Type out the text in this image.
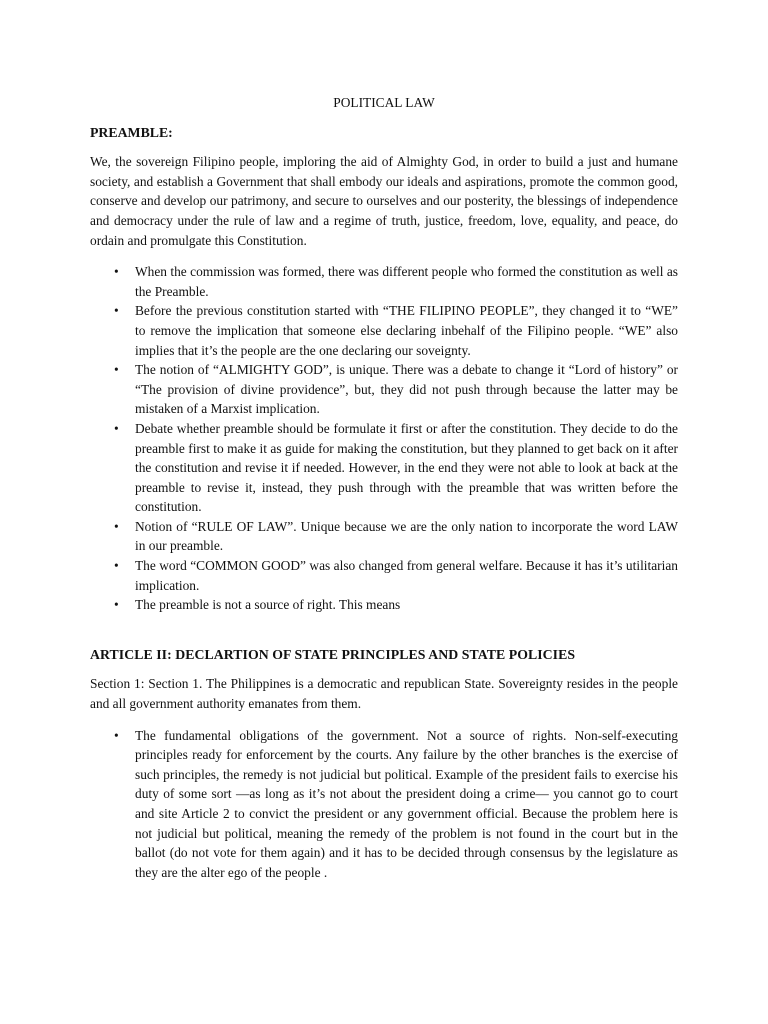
POLITICAL LAW
PREAMBLE:

We, the sovereign Filipino people, imploring the aid of Almighty God, in order to build a just and humane society, and establish a Government that shall embody our ideals and aspirations, promote the common good, conserve and develop our patrimony, and secure to ourselves and our posterity, the blessings of independence and democracy under the rule of law and a regime of truth, justice, freedom, love, equality, and peace, do ordain and promulgate this Constitution.

• When the commission was formed, there was different people who formed the constitution as well as the Preamble.
• Before the previous constitution started with “THE FILIPINO PEOPLE”, they changed it to “WE” to remove the implication that someone else declaring inbehalf of the Filipino people. “WE” also implies that it’s the people are the one declaring our soveignty.
• The notion of “ALMIGHTY GOD”, is unique. There was a debate to change it “Lord of history” or “The provision of divine providence”, but, they did not push through because the latter may be mistaken of a Marxist implication.
• Debate whether preamble should be formulate it first or after the constitution. They decide to do the preamble first to make it as guide for making the constitution, but they planned to get back on it after the constitution and revise it if needed. However, in the end they were not able to look at back at the preamble to revise it, instead, they push through with the preamble that was written before the constitution.
• Notion of “RULE OF LAW”. Unique because we are the only nation to incorporate the word LAW in our preamble.
• The word “COMMON GOOD” was also changed from general welfare. Because it has it’s utilitarian implication.
• The preamble is not a source of right. This means
ARTICLE II: DECLARTION OF STATE PRINCIPLES AND STATE POLICIES

Section 1: Section 1. The Philippines is a democratic and republican State. Sovereignty resides in the people and all government authority emanates from them.

• The fundamental obligations of the government. Not a source of rights. Non-self-executing principles ready for enforcement by the courts. Any failure by the other branches is the exercise of such principles, the remedy is not judicial but political. Example of the president fails to exercise his duty of some sort —as long as it’s not about the president doing a crime— you cannot go to court and site Article 2 to convict the president or any government official. Because the problem here is not judicial but political, meaning the remedy of the problem is not found in the court but in the ballot (do not vote for them again) and it has to be decided through consensus by the legislature as they are the alter ego of the people .
